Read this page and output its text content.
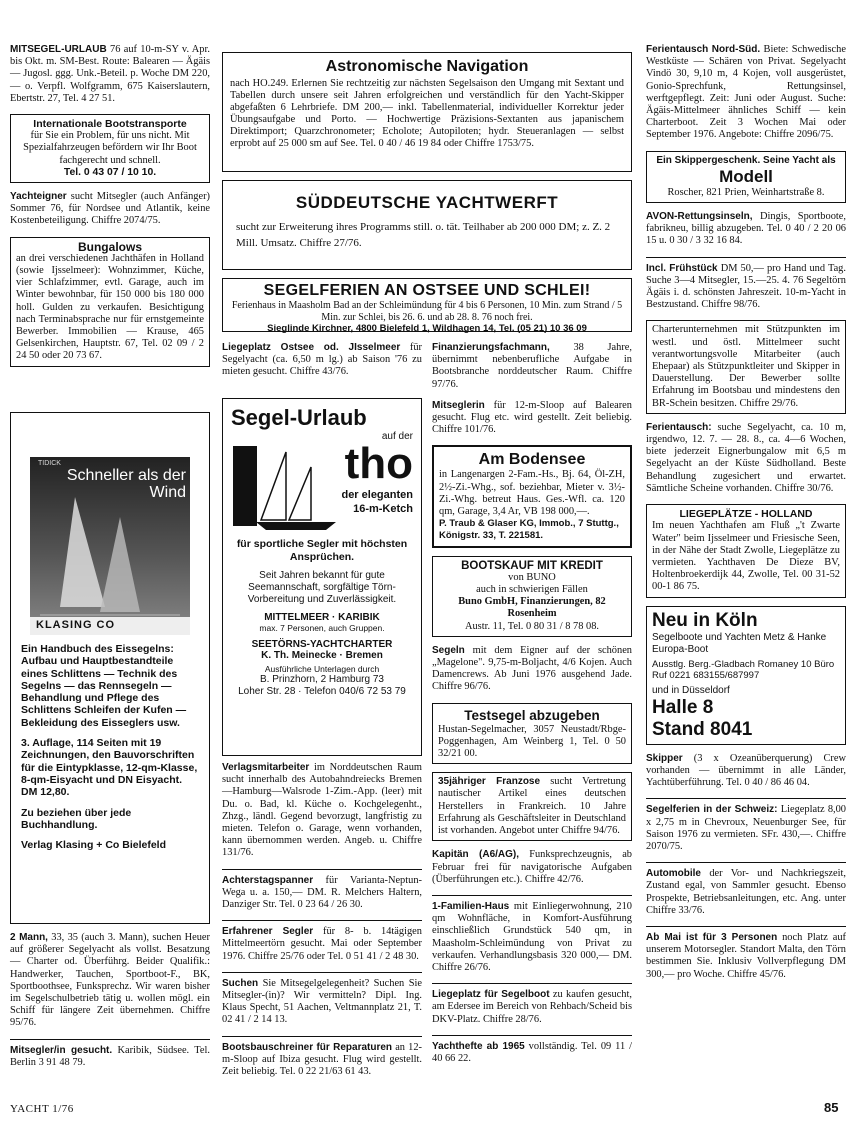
MITSEGEL-URLAUB 76 auf 10-m-SY v. Apr. bis Okt. m. SM-Best. Route: Balearen — Ägäis — Jugosl. ggg. Unk.-Beteil. p. Woche DM 220,— o. Verpfl. Wolfgramm, 675 Kaiserslautern, Ebertstr. 27, Tel. 4 27 51.

Internationale Bootstransporte
für Sie ein Problem, für uns nicht. Mit Spezialfahrzeugen befördern wir Ihr Boot fachgerecht und schnell.
Tel. 0 43 07 / 10 10.

Yachteigner sucht Mitsegler (auch Anfänger) Sommer 76, für Nordsee und Atlantik, keine Kostenbeteiligung. Chiffre 2074/75.

Bungalows
an drei verschiedenen Jachthäfen in Holland (sowie Ijsselmeer): Wohnzimmer, Küche, vier Schlafzimmer, evtl. Garage, auch im Winter bewohnbar, für 150 000 bis 180 000 holl. Gulden zu verkaufen. Besichtigung nach Terminabsprache nur für ernstgemeinte Bewerber. Immobilien — Krause, 465 Gelsenkirchen, Hauptstr. 67, Tel. 02 09 / 2 24 50 oder 20 73 67.
TIDICK
Schneller als der Wind
KLASING CO
Ein Handbuch des Eissegelns: Aufbau und Hauptbestandteile eines Schlittens — Technik des Segelns — das Rennsegeln — Behandlung und Pflege des Schlittens Schleifen der Kufen — Bekleidung des Eisseglers usw.
3. Auflage, 114 Seiten mit 19 Zeichnungen, den Bauvorschriften für die Eintypklasse, 12-qm-Klasse, 8-qm-Eisyacht und DN Eisyacht. DM 12,80.
Zu beziehen über jede Buchhandlung.
Verlag Klasing + Co Bielefeld

2 Mann, 33, 35 (auch 3. Mann), suchen Heuer auf größerer Segelyacht als vollst. Besatzung — Charter od. Überführg. Beider Qualifik.: Handwerker, Tauchen, Sportboot-F., BK, Sportboothsee, Funksprechz. Wir waren bisher im Segelschulbetrieb tätig u. wollen mögl. ein Schiff für längere Zeit übernehmen. Chiffre 95/76.

Mitsegler/in gesucht. Karibik, Südsee. Tel. Berlin 3 91 48 79.

Astronomische Navigation
nach HO.249. Erlernen Sie rechtzeitig zur nächsten Segelsaison den Umgang mit Sextant und Tabellen durch unsere seit Jahren erfolgreichen und verständlich für den Yacht-Skipper abgefaßten 6 Lehrbriefe. DM 200,— inkl. Tabellenmaterial, individueller Korrektur jeder Übungsaufgabe und Porto. — Hochwertige Präzisions-Sextanten aus japanischem Direktimport; Quarzchronometer; Echolote; Autopiloten; hydr. Steueranlagen — selbst erprobt auf 25 000 sm auf See. Tel. 0 40 / 46 19 84 oder Chiffre 1753/75.
SÜDDEUTSCHE YACHTWERFT
sucht zur Erweiterung ihres Programms still. o. tät. Teilhaber ab 200 000 DM; z. Z. 2 Mill. Umsatz. Chiffre 27/76.
SEGELFERIEN AN OSTSEE UND SCHLEI!
Ferienhaus in Maasholm Bad an der Schleimündung für 4 bis 6 Personen, 10 Min. zum Strand / 5 Min. zur Schlei, bis 26. 6. und ab 28. 8. 76 noch frei.
Sieglinde Kirchner, 4800 Bielefeld 1, Wildhagen 14, Tel. (05 21) 10 36 09

Liegeplatz Ostsee od. JIsselmeer für Segelyacht (ca. 6,50 m lg.) ab Saison '76 zu mieten gesucht. Chiffre 43/76.

Segel-Urlaub
auf der
tho
der eleganten 16-m-Ketch
für sportliche Segler mit höchsten Ansprüchen.
Seit Jahren bekannt für gute Seemannschaft, sorgfältige Törn-Vorbereitung und Zuverlässigkeit.
MITTELMEER · KARIBIK
max. 7 Personen, auch Gruppen.
SEETÖRNS-YACHTCHARTER
K. Th. Meinecke · Bremen
Ausführliche Unterlagen durch
B. Prinzhorn, 2 Hamburg 73
Loher Str. 28 · Telefon 040/6 72 53 79

Verlagsmitarbeiter im Norddeutschen Raum sucht innerhalb des Autobahndreiecks Bremen—Hamburg—Walsrode 1-Zim.-App. (leer) mit Du. o. Bad, kl. Küche o. Kochgelegenht., Zhzg., ländl. Gegend bevorzugt, langfristig zu mieten. Telefon o. Garage, wenn vorhanden, kann übernommen werden. Angeb. u. Chiffre 131/76.

Achterstagspanner für Varianta-Neptun-Wega u. a. 150,— DM. R. Melchers Haltern, Danziger Str. Tel. 0 23 64 / 26 30.

Erfahrener Segler für 8- b. 14tägigen Mittelmeertörn gesucht. Mai oder September 1976. Chiffre 25/76 oder Tel. 0 51 41 / 2 48 30.

Suchen Sie Mitsegelgelegenheit? Suchen Sie Mitsegler-(in)? Wir vermitteln? Dipl. Ing. Klaus Specht, 51 Aachen, Veltmannplatz 21, T. 02 41 / 2 14 13.

Bootsbauschreiner für Reparaturen an 12-m-Sloop auf Ibiza gesucht. Flug wird gestellt. Zeit beliebig. Tel. 0 22 21/63 61 43.

Finanzierungsfachmann, 38 Jahre, übernimmt nebenberufliche Aufgabe in Bootsbranche norddeutscher Raum. Chiffre 97/76.

Mitseglerin für 12-m-Sloop auf Balearen gesucht. Flug etc. wird gestellt. Zeit beliebig. Chiffre 101/76.

Am Bodensee
in Langenargen 2-Fam.-Hs., Bj. 64, Öl-ZH, 2½-Zi.-Whg., sof. beziehbar, Mieter v. 3½-Zi.-Whg. betreut Haus. Ges.-Wfl. ca. 120 qm, Garage, 3,4 Ar, VB 198 000,—.
P. Traub & Glaser KG, Immob., 7 Stuttg., Königstr. 33, T. 221581.
BOOTSKAUF MIT KREDIT
von BUNO
auch in schwierigen Fällen
Buno GmbH, Finanzierungen, 82 Rosenheim
Austr. 11, Tel. 0 80 31 / 8 78 08.

Segeln mit dem Eigner auf der schönen „Magelone". 9,75-m-Boljacht, 4/6 Kojen. Auch Damencrews. Ab Juni 1976 ausgehend Jade. Chiffre 96/76.

Testsegel abzugeben
Hustan-Segelmacher, 3057 Neustadt/Rbge-Poggenhagen, Am Weinberg 1, Tel. 0 50 32/21 00.
35jähriger Franzose sucht Vertretung nautischer Artikel eines deutschen Herstellers in Frankreich. 10 Jahre Erfahrung als Geschäftsleiter in Deutschland ist vorhanden. Angebot unter Chiffre 94/76.

Kapitän (A6/AG), Funksprechzeugnis, ab Februar frei für navigatorische Aufgaben (Überführungen etc.). Chiffre 42/76.

1-Familien-Haus mit Einliegerwohnung, 210 qm Wohnfläche, in Komfort-Ausführung einschließlich Grundstück 540 qm, in Maasholm-Schleimündung von Privat zu verkaufen. Verhandlungsbasis 320 000,— DM. Chiffre 26/76.

Liegeplatz für Segelboot zu kaufen gesucht, am Edersee im Bereich von Rehbach/Scheid bis DKV-Platz. Chiffre 28/76.

Yachthefte ab 1965 vollständig. Tel. 09 11 / 40 66 22.

Ferientausch Nord-Süd. Biete: Schwedische Westküste — Schären von Privat. Segelyacht Vindö 30, 9,10 m, 4 Kojen, voll ausgerüstet, Gonio-Sprechfunk, Rettungsinsel, werftgepflegt. Zeit: Juni oder August. Suche: Ägäis-Mittelmeer ähnliches Schiff — kein Charterboot. Zeit 3 Wochen Mai oder September 1976. Angebote: Chiffre 2096/75.

Ein Skippergeschenk. Seine Yacht als
Modell
Roscher, 821 Prien, Weinhartstraße 8.

AVON-Rettungsinseln, Dingis, Sportboote, fabrikneu, billig abzugeben. Tel. 0 40 / 2 20 06 15 u. 0 30 / 3 32 16 84.

Incl. Frühstück DM 50,— pro Hand und Tag. Suche 3—4 Mitsegler, 15.—25. 4. 76 Segeltörn Ägäis i. d. schönsten Jahreszeit. 10-m-Yacht in Bestzustand. Chiffre 98/76.

Charterunternehmen mit Stützpunkten im westl. und östl. Mittelmeer sucht verantwortungsvolle Mitarbeiter (auch Ehepaar) als Stützpunktleiter und Skipper in Dauerstellung. Der Bewerber sollte Erfahrung im Bootsbau und mindestens den BR-Schein besitzen. Chiffre 29/76.

Ferientausch: suche Segelyacht, ca. 10 m, irgendwo, 12. 7. — 28. 8., ca. 4—6 Wochen, biete jederzeit Eignerbungalow mit 6,5 m Segelyacht an der Küste Südholland. Beste Behandlung zugesichert und erwartet. Sämtliche Scheine vorhanden. Chiffre 30/76.

LIEGEPLÄTZE - HOLLAND
Im neuen Yachthafen am Fluß „'t Zwarte Water" beim Ijsselmeer und Friesische Seen, in der Nähe der Stadt Zwolle, Liegeplätze zu vermieten. Yachthaven De Dieze BV, Holtenbroekerdijk 44, Zwolle, Tel. 00 31-52 00-1 86 75.
Neu in Köln
Segelboote und Yachten Metz & Hanke Europa-Boot
Ausstlg. Berg.-Gladbach Romaney 10 Büro Ruf 0221 683155/687997
und in Düsseldorf
Halle 8
Stand 8041

Skipper (3 x Ozeanüberquerung) Crew vorhanden — übernimmt in alle Länder, Yachtüberführung. Tel. 0 40 / 86 46 04.

Segelferien in der Schweiz: Liegeplatz 8,00 x 2,75 m in Chevroux, Neuenburger See, für Saison 1976 zu vermieten. SFr. 430,—. Chiffre 2070/75.

Automobile der Vor- und Nachkriegszeit, Zustand egal, von Sammler gesucht. Ebenso Prospekte, Betriebsanleitungen, etc. Ang. unter Chiffre 33/76.

Ab Mai ist für 3 Personen noch Platz auf unserem Motorsegler. Standort Malta, den Törn bestimmen Sie. Inklusiv Vollverpflegung DM 300,— pro Woche. Chiffre 45/76.

YACHT 1/76	85
